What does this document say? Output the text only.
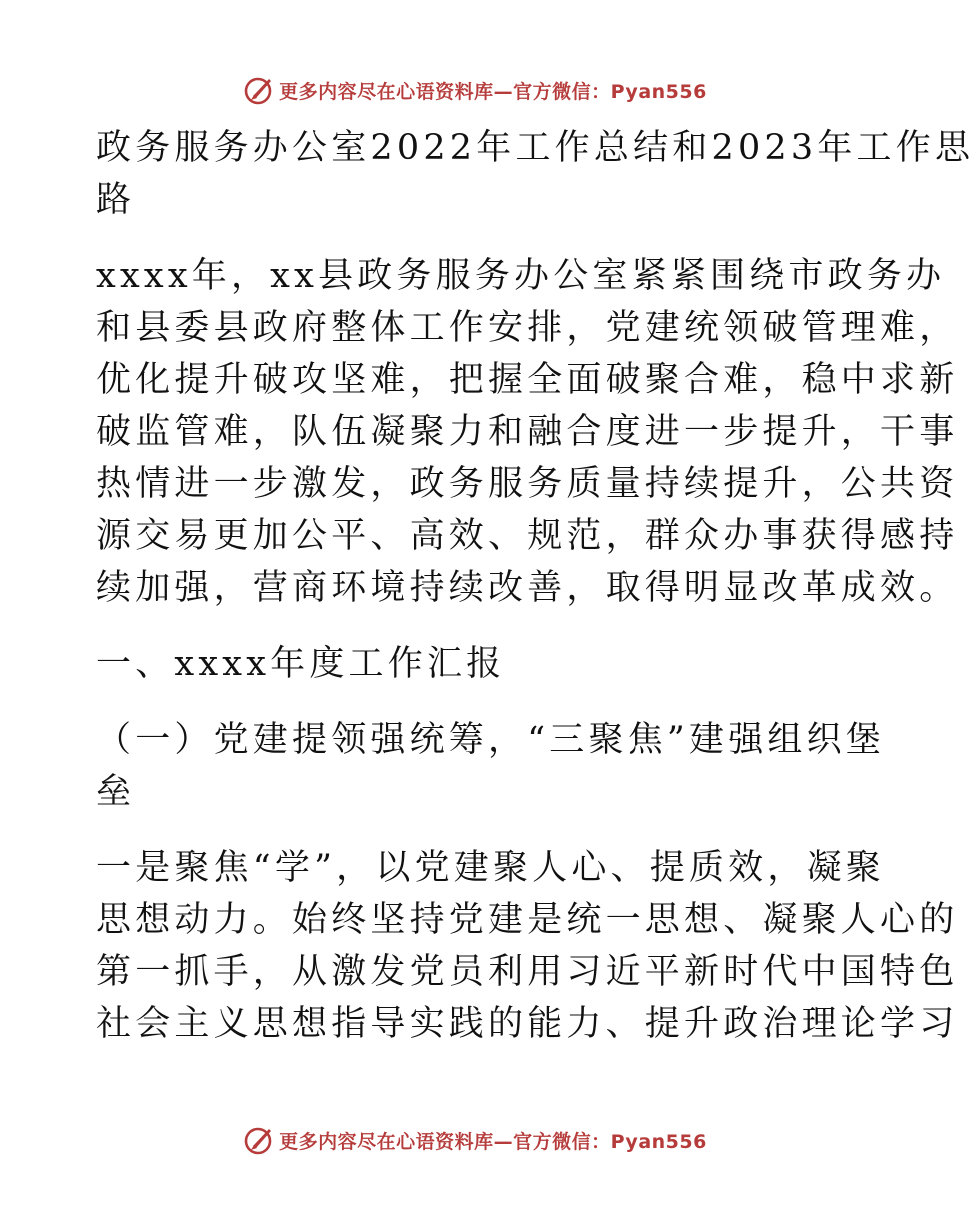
更多内容尽在心语资料库—官方微信：Pyan556

政务服务办公室2022年工作总结和2023年工作思

路

xxxx年，xx县政务服务办公室紧紧围绕市政务办

和县委县政府整体工作安排，党建统领破管理难，

优化提升破攻坚难，把握全面破聚合难，稳中求新

破监管难，队伍凝聚力和融合度进一步提升，干事

热情进一步激发，政务服务质量持续提升，公共资

源交易更加公平、高效、规范，群众办事获得感持

续加强，营商环境持续改善，取得明显改革成效。

一、xxxx年度工作汇报

（一）党建提领强统筹，“三聚焦”建强组织堡

垒

一是聚焦“学”，以党建聚人心、提质效，凝聚

思想动力。始终坚持党建是统一思想、凝聚人心的

第一抓手，从激发党员利用习近平新时代中国特色

社会主义思想指导实践的能力、提升政治理论学习

更多内容尽在心语资料库—官方微信：Pyan556
